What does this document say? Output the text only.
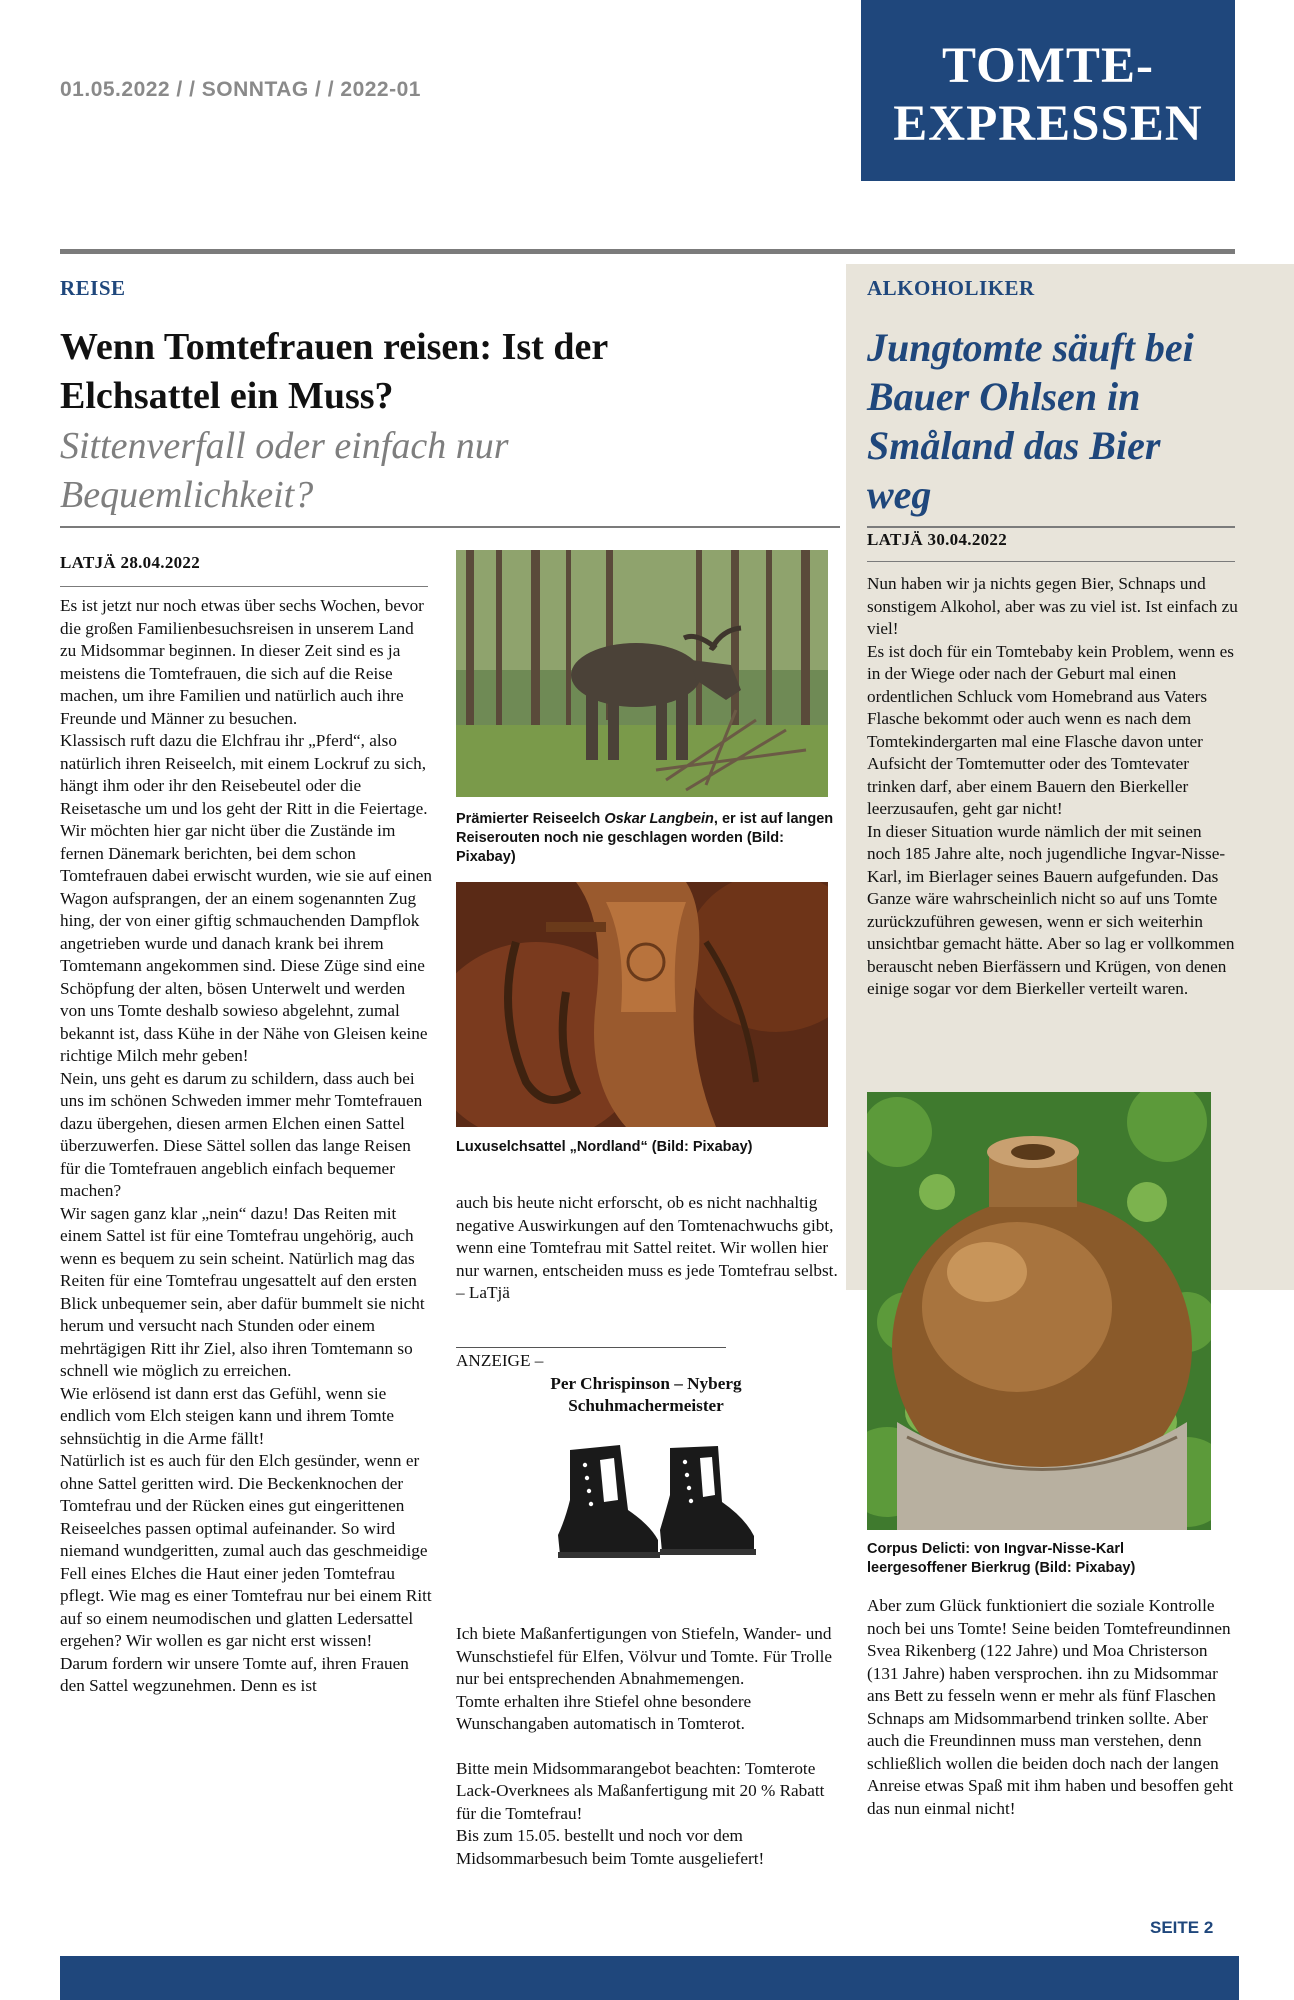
01.05.2022 / / SONNTAG / / 2022-01	TOMTE-
EXPRESSEN
REISE
Wenn Tomtefrauen reisen: Ist der Elchsattel ein Muss?
Sittenverfall oder einfach nur Bequemlichkeit?
LATJÄ 28.04.2022

Es ist jetzt nur noch etwas über sechs Wochen, bevor die großen Familienbesuchsreisen in unserem Land zu Midsommar beginnen. In dieser Zeit sind es ja meistens die Tomtefrauen, die sich auf die Reise machen, um ihre Familien und natürlich auch ihre Freunde und Männer zu besuchen.

Klassisch ruft dazu die Elchfrau ihr „Pferd“, also natürlich ihren Reiseelch, mit einem Lockruf zu sich, hängt ihm oder ihr den Reisebeutel oder die Reisetasche um und los geht der Ritt in die Feiertage.

Wir möchten hier gar nicht über die Zustände im fernen Dänemark berichten, bei dem schon Tomtefrauen dabei erwischt wurden, wie sie auf einen Wagon aufsprangen, der an einem sogenannten Zug hing, der von einer giftig schmauchenden Dampflok angetrieben wurde und danach krank bei ihrem Tomtemann angekommen sind. Diese Züge sind eine Schöpfung der alten, bösen Unterwelt und werden von uns Tomte deshalb sowieso abgelehnt, zumal bekannt ist, dass Kühe in der Nähe von Gleisen keine richtige Milch mehr geben!

Nein, uns geht es darum zu schildern, dass auch bei uns im schönen Schweden immer mehr Tomtefrauen dazu übergehen, diesen armen Elchen einen Sattel überzuwerfen. Diese Sättel sollen das lange Reisen für die Tomtefrauen angeblich einfach bequemer machen?

Wir sagen ganz klar „nein“ dazu! Das Reiten mit einem Sattel ist für eine Tomtefrau ungehörig, auch wenn es bequem zu sein scheint. Natürlich mag das Reiten für eine Tomtefrau ungesattelt auf den ersten Blick unbequemer sein, aber dafür bummelt sie nicht herum und versucht nach Stunden oder einem mehrtägigen Ritt ihr Ziel, also ihren Tomtemann so schnell wie möglich zu erreichen.

Wie erlösend ist dann erst das Gefühl, wenn sie endlich vom Elch steigen kann und ihrem Tomte sehnsüchtig in die Arme fällt!

Natürlich ist es auch für den Elch gesünder, wenn er ohne Sattel geritten wird. Die Beckenknochen der Tomtefrau und der Rücken eines gut eingerittenen Reiseelches passen optimal aufeinander. So wird niemand wundgeritten, zumal auch das geschmeidige Fell eines Elches die Haut einer jeden Tomtefrau pflegt. Wie mag es einer Tomtefrau nur bei einem Ritt auf so einem neumodischen und glatten Ledersattel ergehen? Wir wollen es gar nicht erst wissen!

Darum fordern wir unsere Tomte auf, ihren Frauen den Sattel wegzunehmen. Denn es ist

Prämierter Reiseelch Oskar Langbein, er ist auf langen Reiserouten noch nie geschlagen worden (Bild: Pixabay)
Luxuselchsattel „Nordland“ (Bild: Pixabay)

auch bis heute nicht erforscht, ob es nicht nachhaltig negative Auswirkungen auf den Tomtenachwuchs gibt, wenn eine Tomtefrau mit Sattel reitet. Wir wollen hier nur warnen, entscheiden muss es jede Tomtefrau selbst.

– LaTjä

ANZEIGE –
Per Chrispinson – Nyberg
Schuhmachermeister

Ich biete Maßanfertigungen von Stiefeln, Wander- und Wunschstiefel für Elfen, Völvur und Tomte. Für Trolle nur bei entsprechenden Abnahmemengen.

Tomte erhalten ihre Stiefel ohne besondere Wunschangaben automatisch in Tomterot.

Bitte mein Midsommarangebot beachten: Tomterote Lack-Overknees als Maßanfertigung mit 20 % Rabatt für die Tomtefrau!

Bis zum 15.05. bestellt und noch vor dem Midsommarbesuch beim Tomte ausgeliefert!

ALKOHOLIKER
Jungtomte säuft bei Bauer Ohlsen in Småland das Bier weg
LATJÄ 30.04.2022

Nun haben wir ja nichts gegen Bier, Schnaps und sonstigem Alkohol, aber was zu viel ist. Ist einfach zu viel!

Es ist doch für ein Tomtebaby kein Problem, wenn es in der Wiege oder nach der Geburt mal einen ordentlichen Schluck vom Homebrand aus Vaters Flasche bekommt oder auch wenn es nach dem Tomtekindergarten mal eine Flasche davon unter Aufsicht der Tomtemutter oder des Tomtevater trinken darf, aber einem Bauern den Bierkeller leerzusaufen, geht gar nicht!

In dieser Situation wurde nämlich der mit seinen noch 185 Jahre alte, noch jugendliche Ingvar-Nisse-Karl, im Bierlager seines Bauern aufgefunden. Das Ganze wäre wahrscheinlich nicht so auf uns Tomte zurückzuführen gewesen, wenn er sich weiterhin unsichtbar gemacht hätte. Aber so lag er vollkommen berauscht neben Bierfässern und Krügen, von denen einige sogar vor dem Bierkeller verteilt waren.

Corpus Delicti: von Ingvar-Nisse-Karl leergesoffener Bierkrug (Bild: Pixabay)

Aber zum Glück funktioniert die soziale Kontrolle noch bei uns Tomte! Seine beiden Tomtefreundinnen Svea Rikenberg (122 Jahre) und Moa Christerson (131 Jahre) haben versprochen. ihn zu Midsommar ans Bett zu fesseln wenn er mehr als fünf Flaschen Schnaps am Midsommarbend trinken sollte. Aber auch die Freundinnen muss man verstehen, denn schließlich wollen die beiden doch nach der langen Anreise etwas Spaß mit ihm haben und besoffen geht das nun einmal nicht!

SEITE 2
